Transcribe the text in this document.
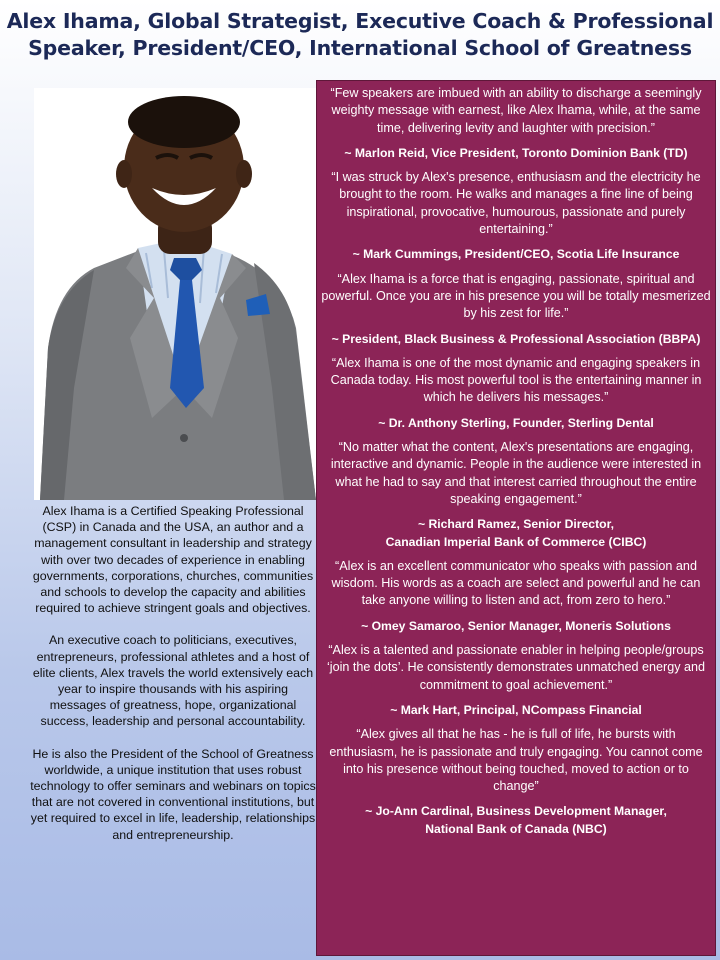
Alex Ihama, Global Strategist, Executive Coach & Professional
Speaker, President/CEO, International School of Greatness

Alex Ihama is a Certified Speaking Professional (CSP) in Canada and the USA, an author and a management consultant in leadership and strategy with over two decades of experience in enabling governments, corporations, churches, communities and schools to develop the capacity and abilities required to achieve stringent goals and objectives.

An executive coach to politicians, executives, entrepreneurs, professional athletes and a host of elite clients, Alex travels the world extensively each year to inspire thousands with his aspiring messages of greatness, hope, organizational success, leadership and personal accountability.

He is also the President of the School of Greatness worldwide, a unique institution that uses robust technology to offer seminars and webinars on topics that are not covered in conventional institutions, but yet required to excel in life, leadership, relationships and entrepreneurship.

“Few speakers are imbued with an ability to discharge a seemingly weighty message with earnest, like Alex Ihama, while, at the same time, delivering levity and laughter with precision.”
~ Marlon Reid, Vice President, Toronto Dominion Bank (TD)
“I was struck by Alex's presence, enthusiasm and the electricity he brought to the room. He walks and manages a fine line of being inspirational, provocative, humourous, passionate and purely entertaining.”
~ Mark Cummings, President/CEO, Scotia Life Insurance
“Alex Ihama is a force that is engaging, passionate, spiritual and powerful. Once you are in his presence you will be totally mesmerized by his zest for life.”
~ President, Black Business & Professional Association (BBPA)
“Alex Ihama is one of the most dynamic and engaging speakers in Canada today. His most powerful tool is the entertaining manner in which he delivers his messages.”
~ Dr. Anthony Sterling, Founder, Sterling Dental
“No matter what the content, Alex's presentations are engaging, interactive and dynamic. People in the audience were interested in what he had to say and that interest carried throughout the entire speaking engagement.”
~ Richard Ramez, Senior Director,
Canadian Imperial Bank of Commerce (CIBC)
“Alex is an excellent communicator who speaks with passion and wisdom. His words as a coach are select and powerful and he can take anyone willing to listen and act, from zero to hero.”
~ Omey Samaroo, Senior Manager, Moneris Solutions
“Alex is a talented and passionate enabler in helping people/groups ‘join the dots’. He consistently demonstrates unmatched energy and commitment to goal achievement.”
~ Mark Hart, Principal, NCompass Financial
“Alex gives all that he has - he is full of life, he bursts with enthusiasm, he is passionate and truly engaging. You cannot come into his presence without being touched, moved to action or to change”
~ Jo-Ann Cardinal, Business Development Manager,
National Bank of Canada (NBC)
